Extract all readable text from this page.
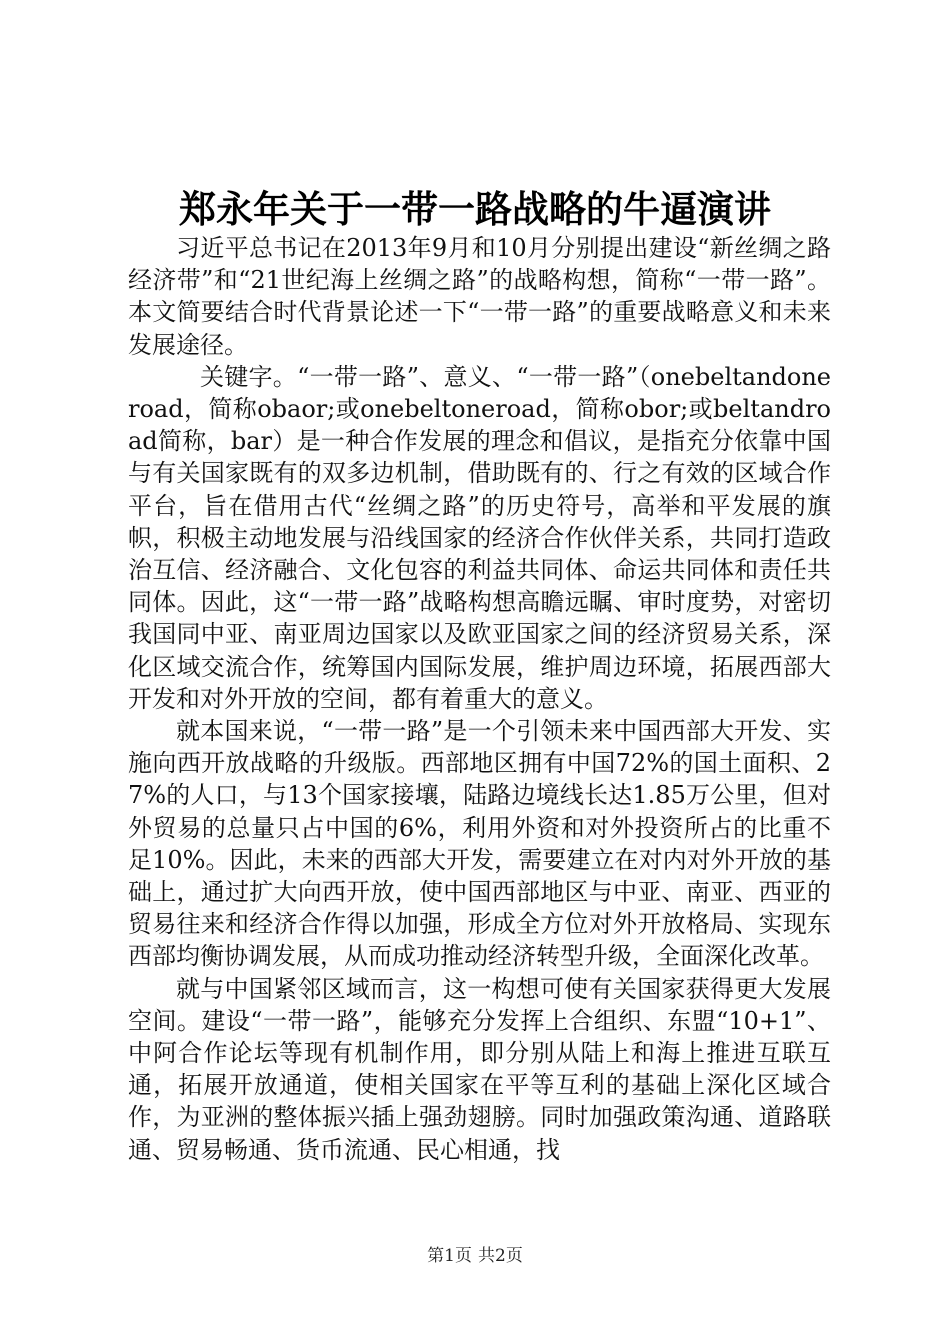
郑永年关于一带一路战略的牛逼演讲

习近平总书记在2013年9月和10月分别提出建设“新丝绸之路经济带”和“21世纪海上丝绸之路”的战略构想，简称“一带一路”。本文简要结合时代背景论述一下“一带一路”的重要战略意义和未来发展途径。

关键字。“一带一路”、意义、“一带一路”（onebeltandoneroad，简称obaor;或onebeltoneroad，简称obor;或beltandroad简称，bar）是一种合作发展的理念和倡议，是指充分依靠中国与有关国家既有的双多边机制，借助既有的、行之有效的区域合作平台，旨在借用古代“丝绸之路”的历史符号，高举和平发展的旗帜，积极主动地发展与沿线国家的经济合作伙伴关系，共同打造政治互信、经济融合、文化包容的利益共同体、命运共同体和责任共同体。因此，这“一带一路”战略构想高瞻远瞩、审时度势，对密切我国同中亚、南亚周边国家以及欧亚国家之间的经济贸易关系，深化区域交流合作，统筹国内国际发展，维护周边环境，拓展西部大开发和对外开放的空间，都有着重大的意义。

就本国来说，“一带一路”是一个引领未来中国西部大开发、实施向西开放战略的升级版。西部地区拥有中国72%的国土面积、27%的人口，与13个国家接壤，陆路边境线长达1.85万公里，但对外贸易的总量只占中国的6%，利用外资和对外投资所占的比重不足10%。因此，未来的西部大开发，需要建立在对内对外开放的基础上，通过扩大向西开放，使中国西部地区与中亚、南亚、西亚的贸易往来和经济合作得以加强，形成全方位对外开放格局、实现东西部均衡协调发展，从而成功推动经济转型升级，全面深化改革。

就与中国紧邻区域而言，这一构想可使有关国家获得更大发展空间。建设“一带一路”，能够充分发挥上合组织、东盟“10+1”、中阿合作论坛等现有机制作用，即分别从陆上和海上推进互联互通，拓展开放通道，使相关国家在平等互利的基础上深化区域合作，为亚洲的整体振兴插上强劲翅膀。同时加强政策沟通、道路联通、贸易畅通、货币流通、民心相通，找

第1页 共2页
